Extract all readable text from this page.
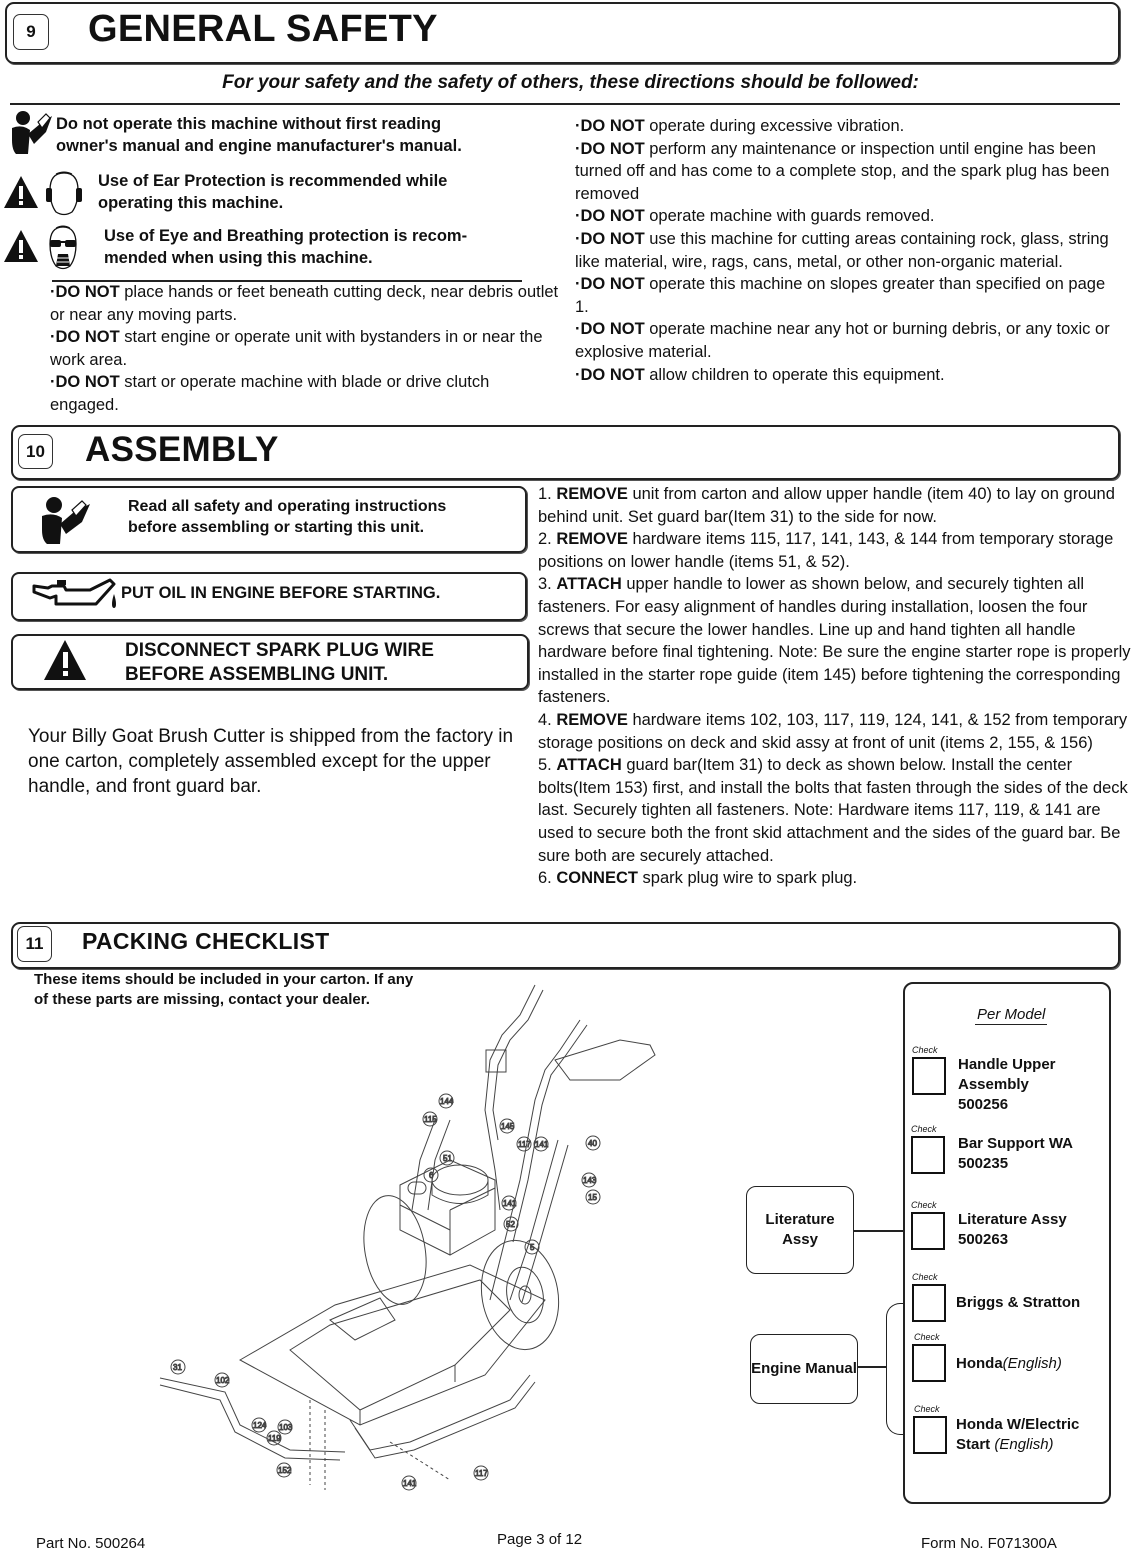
9	GENERAL SAFETY
For your safety and the safety of others, these directions should be followed:
Do not operate this machine without first reading
owner's manual and engine manufacturer's manual.
Use of Ear Protection is recommended while
operating this machine.
Use of Eye and Breathing protection is recom-
mended when using this machine.
·DO NOT place hands or feet beneath cutting deck, near debris outlet or near any moving parts.
·DO NOT start engine or operate unit with bystanders in or near the work area.
·DO NOT start or operate machine with blade or drive clutch engaged.
·DO NOT operate during excessive vibration.
·DO NOT perform any maintenance or inspection until engine has been turned off and has come to a complete stop, and the spark plug has been removed
·DO NOT operate machine with guards removed.
·DO NOT use this machine for cutting areas containing rock, glass, string like material, wire, rags, cans, metal, or other non-organic material.
·DO NOT operate this machine on slopes greater than specified on page 1.
·DO NOT operate machine near any hot or burning debris, or any toxic or explosive material.
·DO NOT allow children to operate this equipment.
10 ASSEMBLY
Read all safety and operating instructions
before assembling or starting this unit.
PUT OIL IN ENGINE BEFORE STARTING.
DISCONNECT SPARK PLUG WIRE
BEFORE ASSEMBLING UNIT.
Your Billy Goat Brush Cutter is shipped from the factory in one carton, completely assembled except for the upper handle, and front guard bar.
1. REMOVE unit from carton and allow upper handle (item 40) to lay on ground behind unit. Set guard bar(Item 31) to the side for now.
2. REMOVE hardware items 115, 117, 141, 143, & 144 from temporary storage positions on lower handle (items 51, & 52).
3. ATTACH upper handle to lower as shown below, and securely tighten all fasteners. For easy alignment of handles during installation, loosen the four screws that secure the lower handles. Line up and hand tighten all handle hardware before final tightening. Note: Be sure the engine starter rope is properly installed in the starter rope guide (item 145) before tightening the corresponding fasteners.
4. REMOVE hardware items 102, 103, 117, 119, 124, 141, & 152 from temporary storage positions on deck and skid assy at front of unit (items 2, 155, & 156)
5. ATTACH guard bar(Item 31) to deck as shown below. Install the center bolts(Item 153) first, and install the bolts that fasten through the sides of the deck last. Securely tighten all fasteners. Note: Hardware items 117, 119, & 141 are used to secure both the front skid attachment and the sides of the guard bar. Be sure both are securely attached.
6. CONNECT spark plug wire to spark plug.
11	PACKING CHECKLIST
These items should be included in your carton. If any
of these parts are missing, contact your dealer.
144
115
145
117 141	40
51
6
143
15
141
52
5
31
102
124 103
119
152	117
141
Per Model
Check
Handle Upper Assembly
500256
Check
Bar Support WA
500235
Check
Literature Assy
500263
Check
Briggs & Stratton
Check
Honda(English)
Check
Honda W/Electric Start (English)
Literature Assy
Engine Manual
Part No. 500264	Page 3 of 12	Form No. F071300A
